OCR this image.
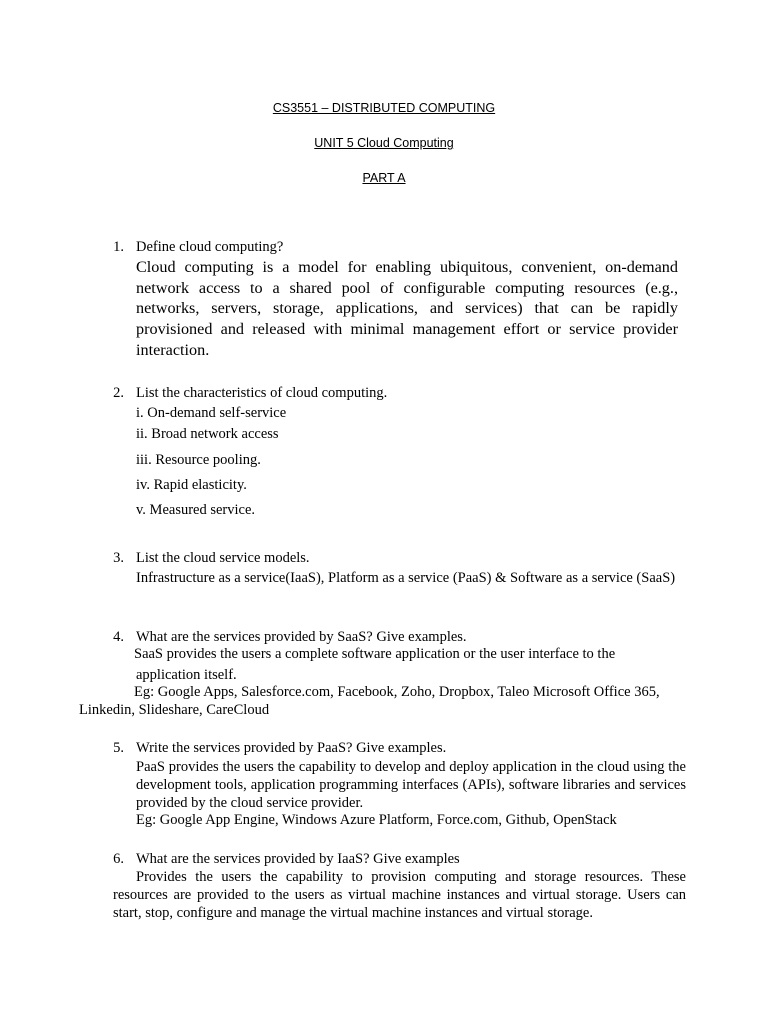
CS3551 – DISTRIBUTED COMPUTING
UNIT 5 Cloud Computing
PART A
1. Define cloud computing?
Cloud computing is a model for enabling ubiquitous, convenient, on-demand network access to a shared pool of configurable computing resources (e.g., networks, servers, storage, applications, and services) that can be rapidly provisioned and released with minimal management effort or service provider interaction.
2. List the characteristics of cloud computing.
i. On-demand self-service
ii. Broad network access
iii. Resource pooling.
iv. Rapid elasticity.
v. Measured service.
3. List the cloud service models.
Infrastructure as a service(IaaS), Platform as a service (PaaS) & Software as a service (SaaS)
4. What are the services provided by SaaS? Give examples.
SaaS provides the users a complete software application or the user interface to the
application itself.
Eg: Google Apps, Salesforce.com, Facebook, Zoho, Dropbox, Taleo Microsoft Office 365,
Linkedin, Slideshare, CareCloud
5. Write the services provided by PaaS? Give examples.
PaaS provides the users the capability to develop and deploy application in the cloud using the development tools, application programming interfaces (APIs), software libraries and services provided by the cloud service provider.
Eg: Google App Engine, Windows Azure Platform, Force.com, Github, OpenStack
6. What are the services provided by IaaS? Give examples
Provides the users the capability to provision computing and storage resources. These resources are provided to the users as virtual machine instances and virtual storage. Users can start, stop, configure and manage the virtual machine instances and virtual storage.
